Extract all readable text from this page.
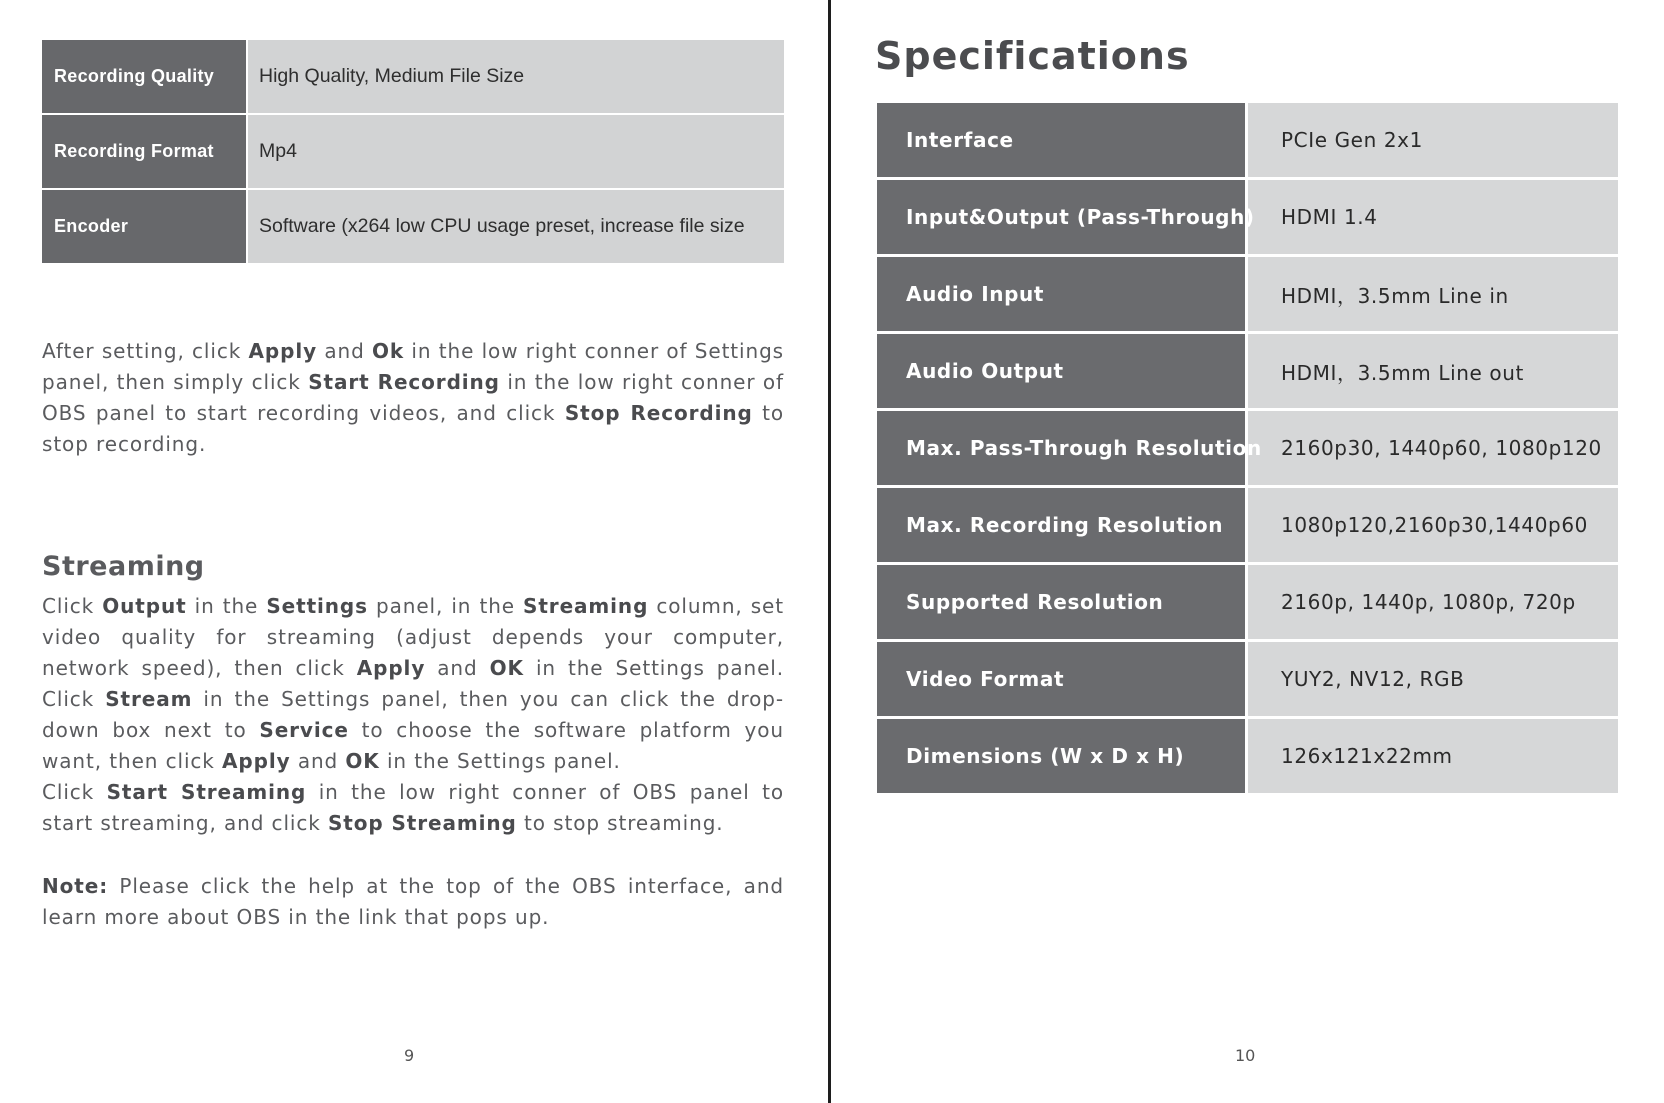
Recording Quality	High Quality, Medium File Size
Recording Format	Mp4
Encoder	Software (x264 low CPU usage preset, increase file size

After setting, click Apply and Ok in the low right conner of Settings panel, then simply click Start Recording in the low right conner of OBS panel to start recording videos, and click Stop Recording to stop recording.

Streaming

Click Output in the Settings panel, in the Streaming column, set video quality for streaming (adjust depends your computer, network speed), then click Apply and OK in the Settings panel. Click Stream in the Settings panel, then you can click the drop-down box next to Service to choose the software platform you want, then click Apply and OK in the Settings panel.
Click Start Streaming in the low right conner of OBS panel to start streaming, and click Stop Streaming to stop streaming.

Note: Please click the help at the top of the OBS interface, and learn more about OBS in the link that pops up.

9
Specifications
Interface	PCIe Gen 2x1
Input&Output (Pass-Through)	HDMI 1.4
Audio Input	HDMI，3.5mm Line in
Audio Output	HDMI，3.5mm Line out
Max. Pass-Through Resolution	2160p30, 1440p60, 1080p120
Max. Recording Resolution	1080p120,2160p30,1440p60
Supported Resolution	2160p, 1440p, 1080p, 720p
Video Format	YUY2, NV12, RGB
Dimensions (W x D x H)	126x121x22mm
10
